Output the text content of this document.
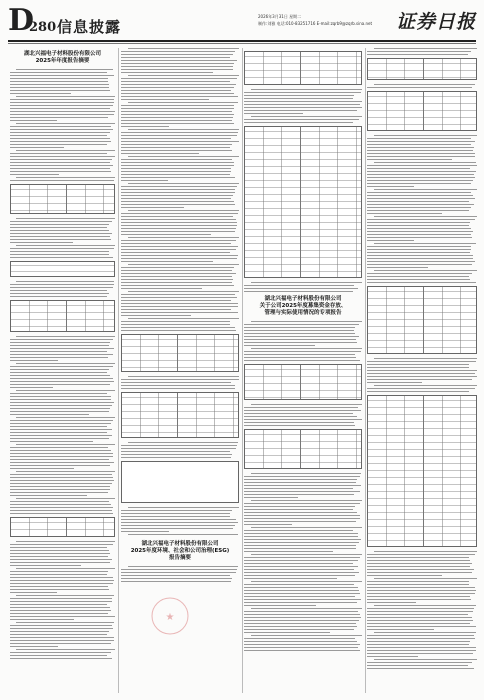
D
280 信息披露
2026年3月31日 星期二
制作:刘雅 电话:010-83251716 E-mail:zqrb9@zqrb.sina.net 证券日报
湖北兴福电子材料股份有限公司
2025年年度报告摘要
湖北兴福电子材料股份有限公司
2025年度环境、社会和公司治理(ESG)
报告摘要
湖北兴福电子材料股份有限公司
关于公司2025年度募集资金存放、
管理与实际使用情况的专项报告
★
